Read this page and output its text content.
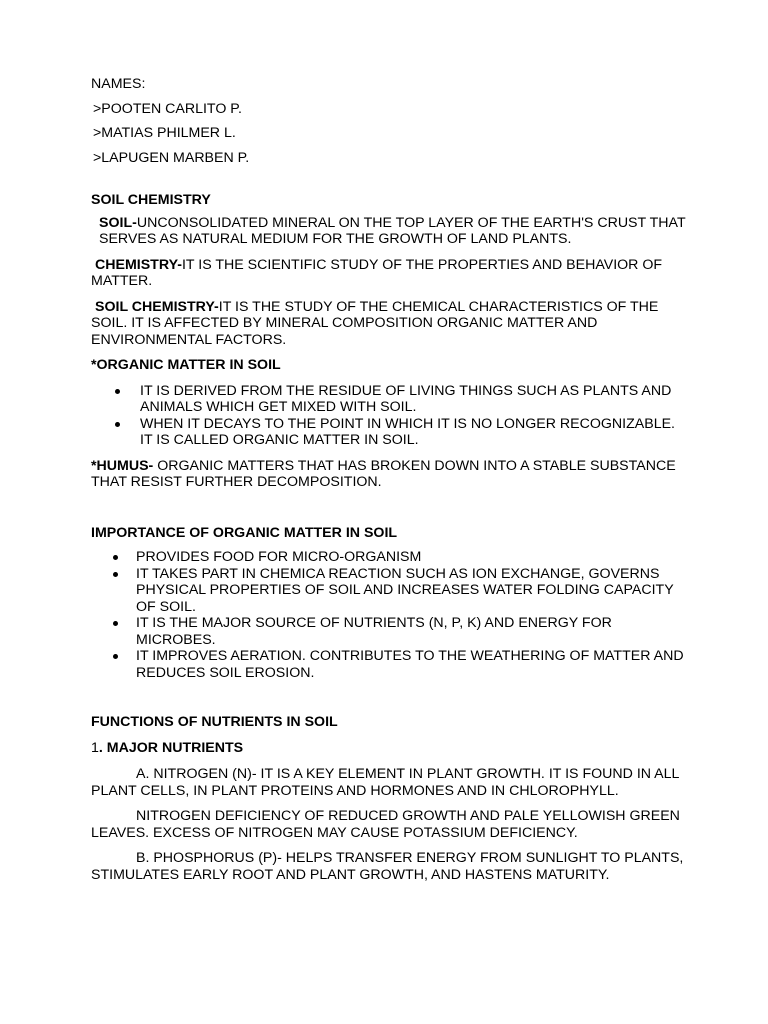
NAMES:

>POOTEN CARLITO P.

>MATIAS PHILMER L.

>LAPUGEN MARBEN P.

SOIL CHEMISTRY

SOIL-UNCONSOLIDATED MINERAL ON THE TOP LAYER OF THE EARTH'S CRUST THAT SERVES AS NATURAL MEDIUM FOR THE GROWTH OF LAND PLANTS.

CHEMISTRY-IT IS THE SCIENTIFIC STUDY OF THE PROPERTIES AND BEHAVIOR OF MATTER.

SOIL CHEMISTRY-IT IS THE STUDY OF THE CHEMICAL CHARACTERISTICS OF THE SOIL. IT IS AFFECTED BY MINERAL COMPOSITION ORGANIC MATTER AND ENVIRONMENTAL FACTORS.

*ORGANIC MATTER IN SOIL

IT IS DERIVED FROM THE RESIDUE OF LIVING THINGS SUCH AS PLANTS AND ANIMALS WHICH GET MIXED WITH SOIL.
WHEN IT DECAYS TO THE POINT IN WHICH IT IS NO LONGER RECOGNIZABLE. IT IS CALLED ORGANIC MATTER IN SOIL.

*HUMUS- ORGANIC MATTERS THAT HAS BROKEN DOWN INTO A STABLE SUBSTANCE THAT RESIST FURTHER DECOMPOSITION.

IMPORTANCE OF ORGANIC MATTER IN SOIL

PROVIDES FOOD FOR MICRO-ORGANISM
IT TAKES PART IN CHEMICA REACTION SUCH AS ION EXCHANGE, GOVERNS PHYSICAL PROPERTIES OF SOIL AND INCREASES WATER FOLDING CAPACITY OF SOIL.
IT IS THE MAJOR SOURCE OF NUTRIENTS (N, P, K) AND ENERGY FOR MICROBES.
IT IMPROVES AERATION. CONTRIBUTES TO THE WEATHERING OF MATTER AND REDUCES SOIL EROSION.

FUNCTIONS OF NUTRIENTS IN SOIL

1. MAJOR NUTRIENTS

A. NITROGEN (N)- IT IS A KEY ELEMENT IN PLANT GROWTH. IT IS FOUND IN ALL PLANT CELLS, IN PLANT PROTEINS AND HORMONES AND IN CHLOROPHYLL.

NITROGEN DEFICIENCY OF REDUCED GROWTH AND PALE YELLOWISH GREEN LEAVES. EXCESS OF NITROGEN MAY CAUSE POTASSIUM DEFICIENCY.

B. PHOSPHORUS (P)- HELPS TRANSFER ENERGY FROM SUNLIGHT TO PLANTS, STIMULATES EARLY ROOT AND PLANT GROWTH, AND HASTENS MATURITY.
